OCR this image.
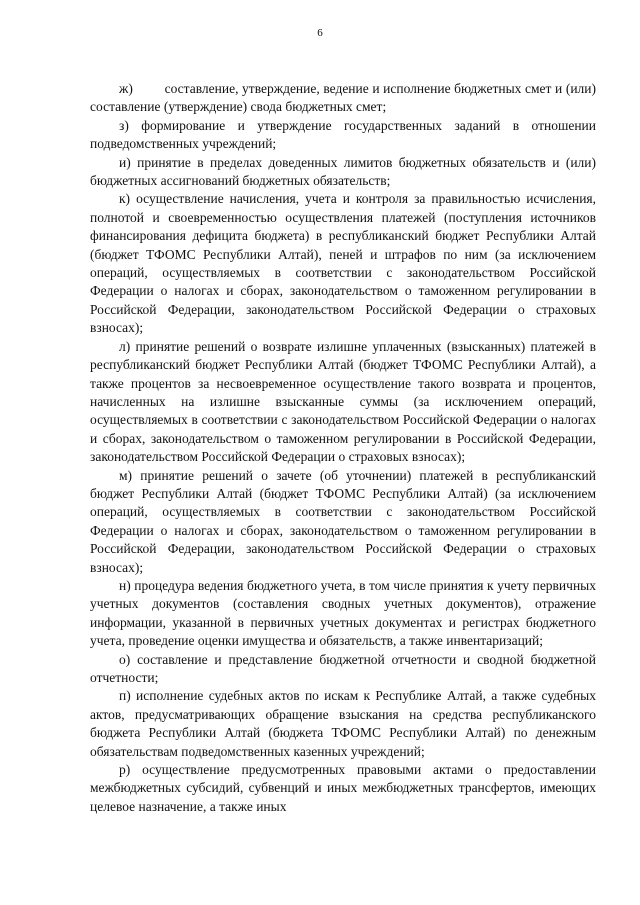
6

ж) составление, утверждение, ведение и исполнение бюджетных смет и (или) составление (утверждение) свода бюджетных смет;

з) формирование и утверждение государственных заданий в отношении подведомственных учреждений;

и) принятие в пределах доведенных лимитов бюджетных обязательств и (или) бюджетных ассигнований бюджетных обязательств;

к) осуществление начисления, учета и контроля за правильностью исчисления, полнотой и своевременностью осуществления платежей (поступления источников финансирования дефицита бюджета) в республиканский бюджет Республики Алтай (бюджет ТФОМС Республики Алтай), пеней и штрафов по ним (за исключением операций, осуществляемых в соответствии с законодательством Российской Федерации о налогах и сборах, законодательством о таможенном регулировании в Российской Федерации, законодательством Российской Федерации о страховых взносах);

л) принятие решений о возврате излишне уплаченных (взысканных) платежей в республиканский бюджет Республики Алтай (бюджет ТФОМС Республики Алтай), а также процентов за несвоевременное осуществление такого возврата и процентов, начисленных на излишне взысканные суммы (за исключением операций, осуществляемых в соответствии с законодательством Российской Федерации о налогах и сборах, законодательством о таможенном регулировании в Российской Федерации, законодательством Российской Федерации о страховых взносах);

м) принятие решений о зачете (об уточнении) платежей в республиканский бюджет Республики Алтай (бюджет ТФОМС Республики Алтай) (за исключением операций, осуществляемых в соответствии с законодательством Российской Федерации о налогах и сборах, законодательством о таможенном регулировании в Российской Федерации, законодательством Российской Федерации о страховых взносах);

н) процедура ведения бюджетного учета, в том числе принятия к учету первичных учетных документов (составления сводных учетных документов), отражение информации, указанной в первичных учетных документах и регистрах бюджетного учета, проведение оценки имущества и обязательств, а также инвентаризаций;

о) составление и представление бюджетной отчетности и сводной бюджетной отчетности;

п) исполнение судебных актов по искам к Республике Алтай, а также судебных актов, предусматривающих обращение взыскания на средства республиканского бюджета Республики Алтай (бюджета ТФОМС Республики Алтай) по денежным обязательствам подведомственных казенных учреждений;

р) осуществление предусмотренных правовыми актами о предоставлении межбюджетных субсидий, субвенций и иных межбюджетных трансфертов, имеющих целевое назначение, а также иных
